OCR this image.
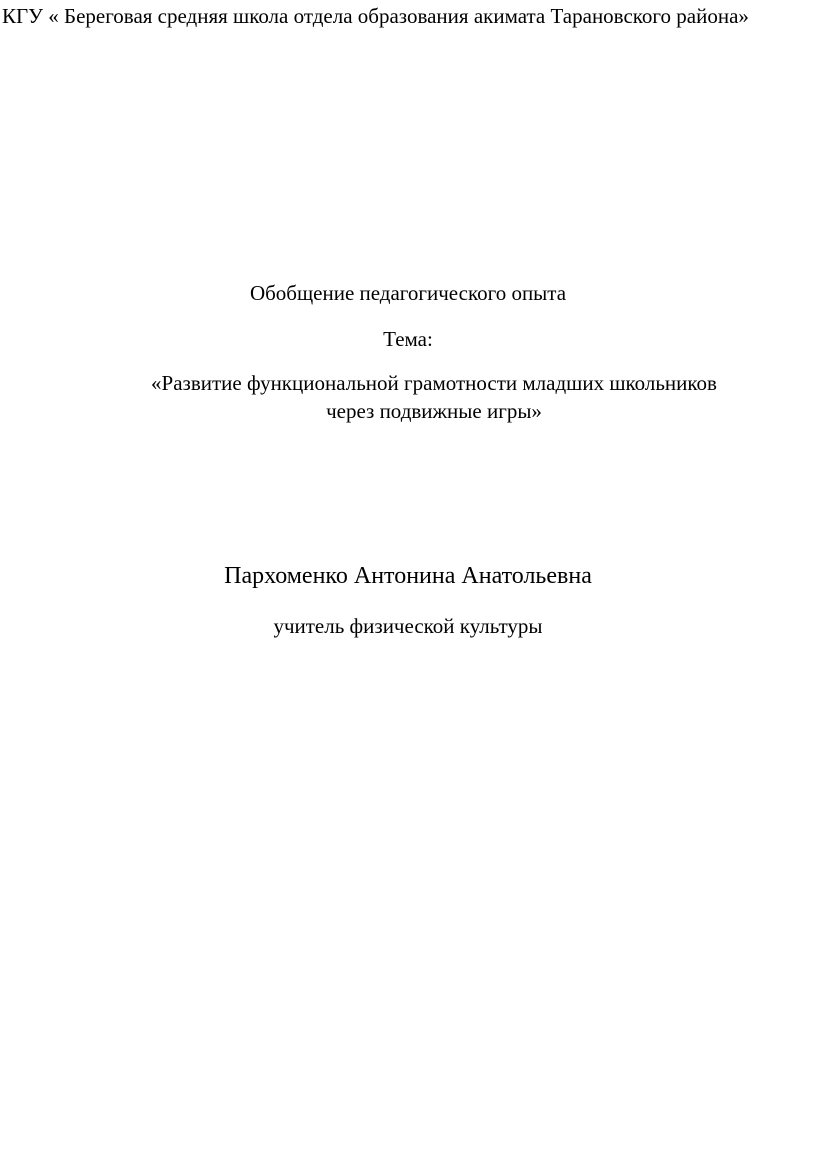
КГУ « Береговая средняя школа отдела образования акимата Тарановского района»
Обобщение педагогического опыта
Тема:
«Развитие функциональной грамотности младших школьников
через подвижные игры»
Пархоменко Антонина Анатольевна
учитель физической культуры
